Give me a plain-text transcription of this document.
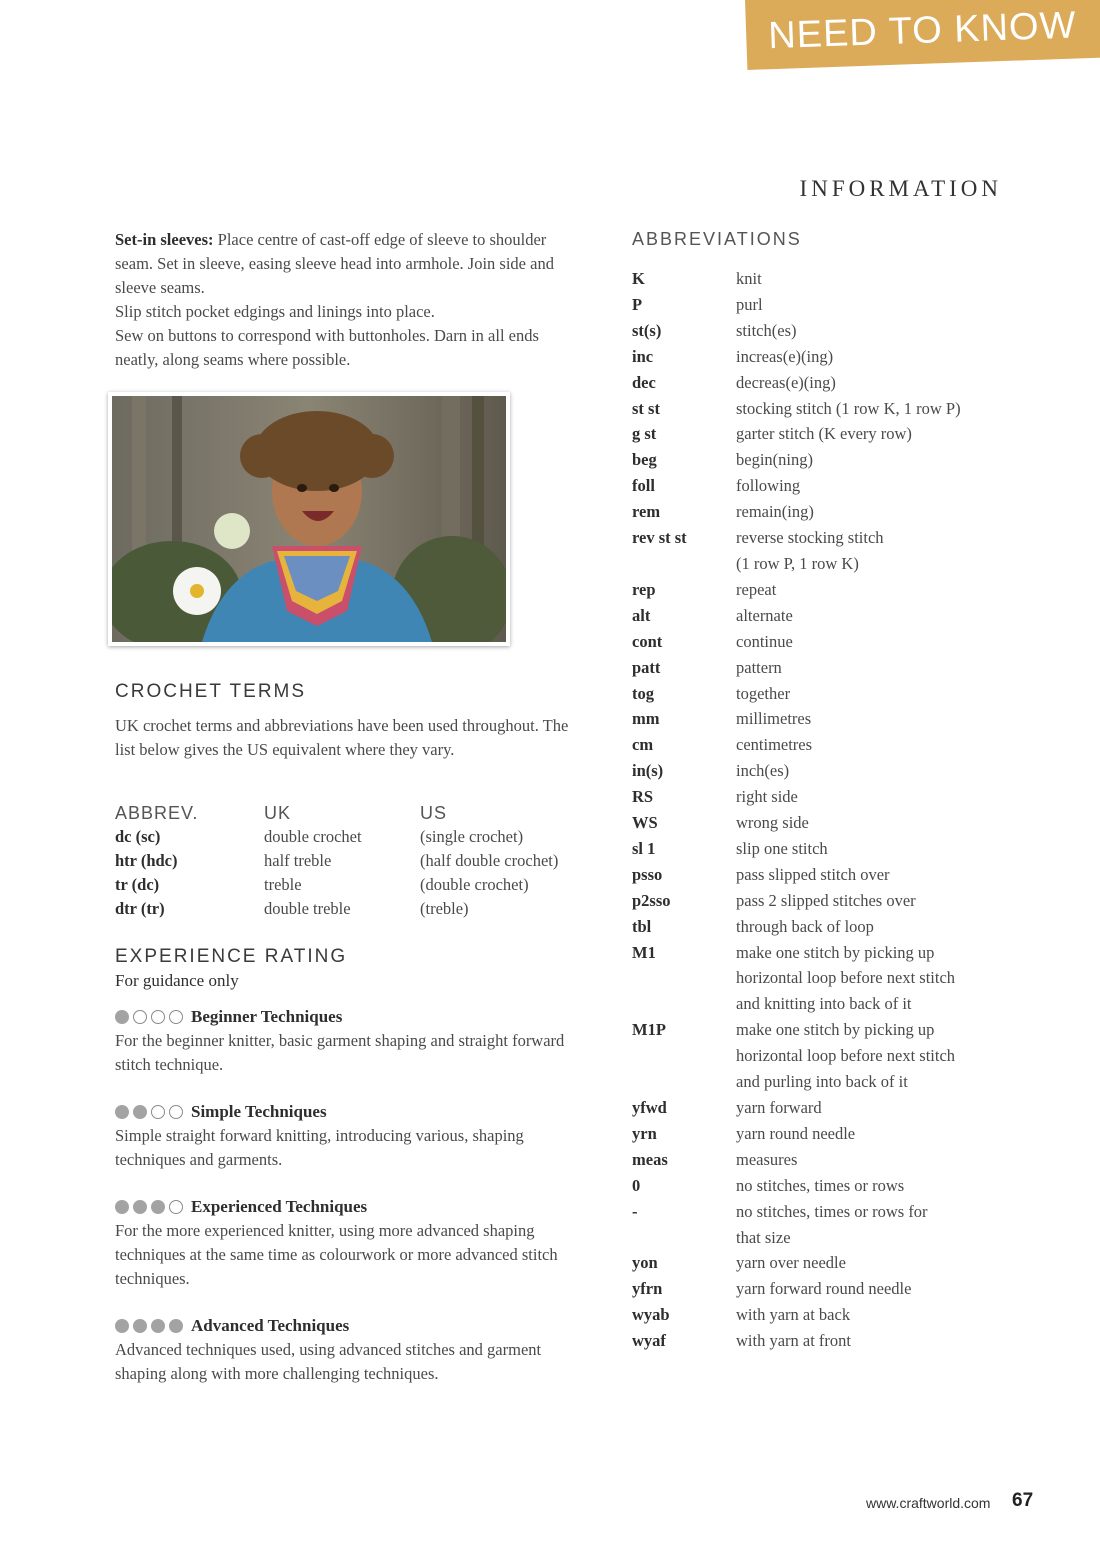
NEED TO KNOW
INFORMATION

Set-in sleeves: Place centre of cast-off edge of sleeve to shoulder seam. Set in sleeve, easing sleeve head into armhole. Join side and sleeve seams.

Slip stitch pocket edgings and linings into place.

Sew on buttons to correspond with buttonholes. Darn in all ends neatly, along seams where possible.

CROCHET TERMS
UK crochet terms and abbreviations have been used throughout. The list below gives the US equivalent where they vary.
ABBREV.	UK	US
dc (sc)	double crochet	(single crochet)
htr (hdc)	half treble	(half double crochet)
tr (dc)	treble	(double crochet)
dtr (tr)	double treble	(treble)
EXPERIENCE RATING
For guidance only
Beginner Techniques
For the beginner knitter, basic garment shaping and straight forward stitch technique.
Simple Techniques
Simple straight forward knitting, introducing various, shaping techniques and garments.
Experienced Techniques
For the more experienced knitter, using more advanced shaping techniques at the same time as colourwork or more advanced stitch techniques.
Advanced Techniques
Advanced techniques used, using advanced stitches and garment shaping along with more challenging techniques.
ABBREVIATIONS
K	knit
P	purl
st(s)	stitch(es)
inc	increas(e)(ing)
dec	decreas(e)(ing)
st st	stocking stitch (1 row K, 1 row P)
g st	garter stitch (K every row)
beg	begin(ning)
foll	following
rem	remain(ing)
rev st st	reverse stocking stitch
(1 row P, 1 row K)
rep	repeat
alt	alternate
cont	continue
patt	pattern
tog	together
mm	millimetres
cm	centimetres
in(s)	inch(es)
RS	right side
WS	wrong side
sl 1	slip one stitch
psso	pass slipped stitch over
p2sso	pass 2 slipped stitches over
tbl	through back of loop
M1	make one stitch by picking up
horizontal loop before next stitch
and knitting into back of it
M1P	make one stitch by picking up
horizontal loop before next stitch
and purling into back of it
yfwd	yarn forward
yrn	yarn round needle
meas	measures
0	no stitches, times or rows
-	no stitches, times or rows for
that size
yon	yarn over needle
yfrn	yarn forward round needle
wyab	with yarn at back
wyaf	with yarn at front
www.craftworld.com 67
